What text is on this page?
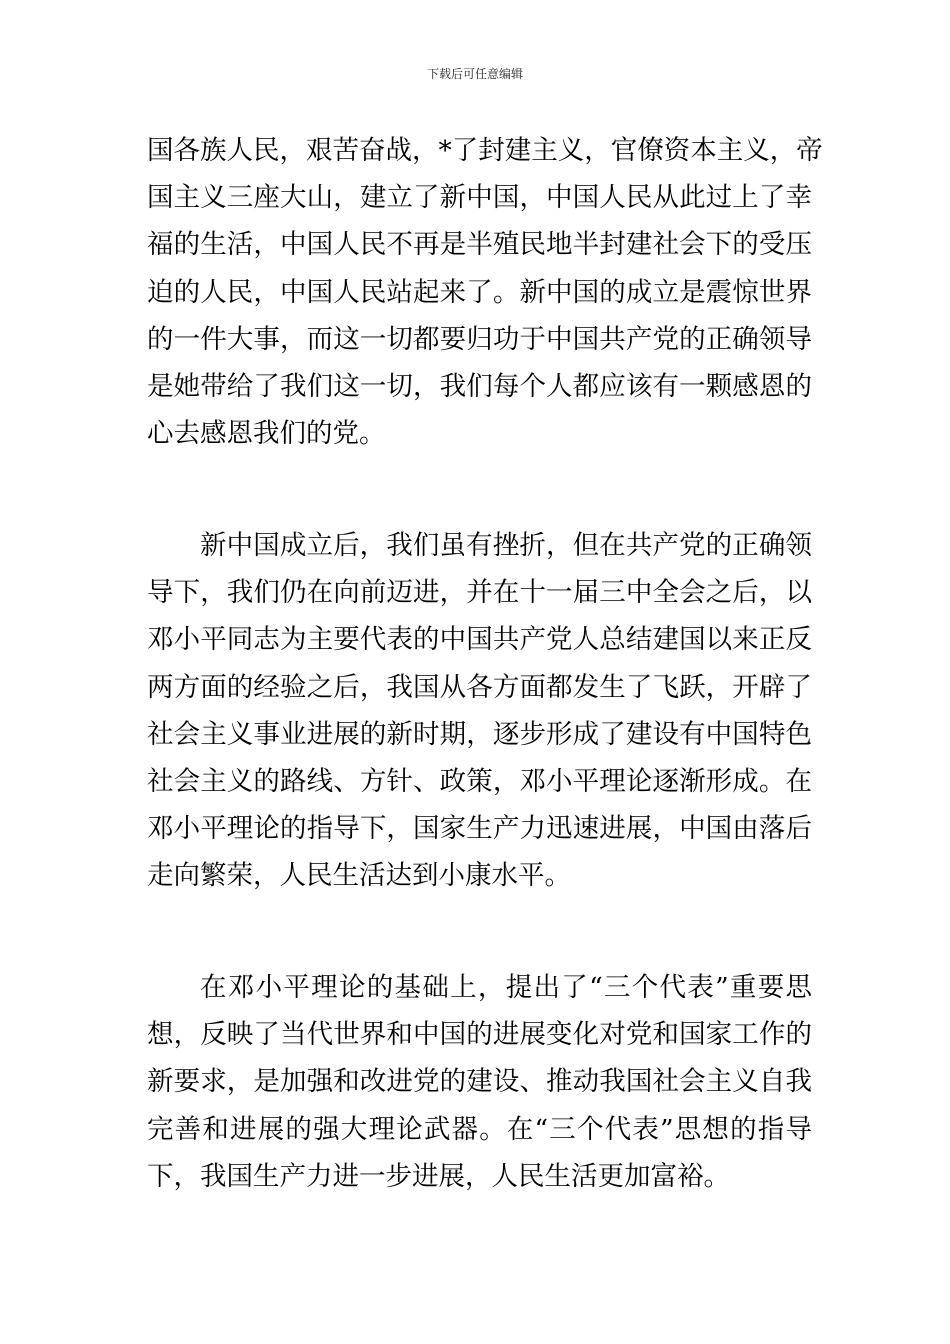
下载后可任意编辑
国各族人民，艰苦奋战，*了封建主义，官僚资本主义，帝
国主义三座大山，建立了新中国，中国人民从此过上了幸
福的生活，中国人民不再是半殖民地半封建社会下的受压
迫的人民，中国人民站起来了。新中国的成立是震惊世界
的一件大事，而这一切都要归功于中国共产党的正确领导
是她带给了我们这一切，我们每个人都应该有一颗感恩的
心去感恩我们的党。
新中国成立后，我们虽有挫折，但在共产党的正确领
导下，我们仍在向前迈进，并在十一届三中全会之后，以
邓小平同志为主要代表的中国共产党人总结建国以来正反
两方面的经验之后，我国从各方面都发生了飞跃，开辟了
社会主义事业进展的新时期，逐步形成了建设有中国特色
社会主义的路线、方针、政策，邓小平理论逐渐形成。在
邓小平理论的指导下，国家生产力迅速进展，中国由落后
走向繁荣，人民生活达到小康水平。
在邓小平理论的基础上，提出了“三个代表”重要思
想，反映了当代世界和中国的进展变化对党和国家工作的
新要求，是加强和改进党的建设、推动我国社会主义自我
完善和进展的强大理论武器。在“三个代表”思想的指导
下，我国生产力进一步进展，人民生活更加富裕。
